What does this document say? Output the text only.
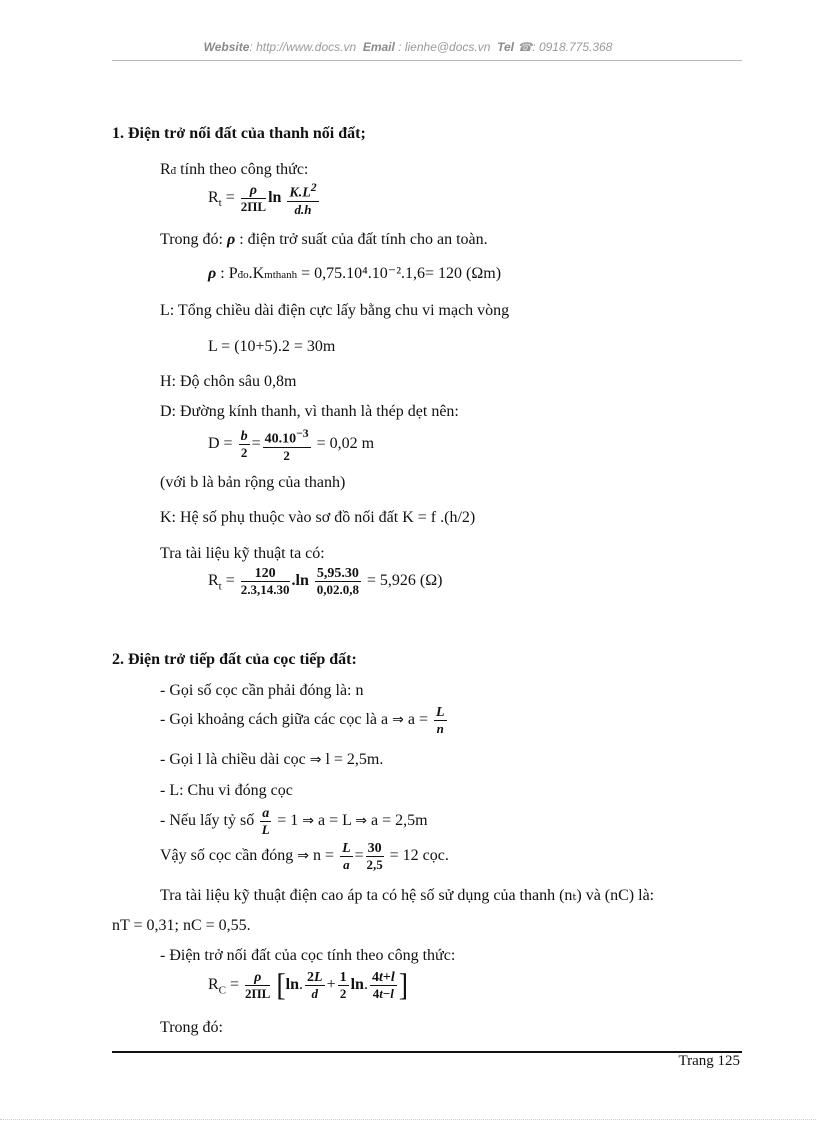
Website: http://www.docs.vn Email : lienhe@docs.vn Tel ☎: 0918.775.368
1. Điện trở nối đất của thanh nối đất;
Rđ tính theo công thức:
$R_t = \frac{\rho}{2\Pi L}$ $\ln \frac{K.L^2}{d.h}$
Trong đó: ρ : điện trở suất của đất tính cho an toàn.
ρ : Pđo.Kmthanh = 0,75.10⁴.10⁻².1,6= 120 (Ωm)
L: Tổng chiều dài điện cực lấy bằng chu vi mạch vòng
L = (10+5).2 = 30m
H: Độ chôn sâu 0,8m
D: Đường kính thanh, vì thanh là thép dẹt nên:
$D = \frac{b}{2} = \frac{40.10^{-3}}{2} = 0,02$ m
(với b là bản rộng của thanh)
K: Hệ số phụ thuộc vào sơ đồ nối đất K = f .(h/2)
Tra tài liệu kỹ thuật ta có:
$R_t = \frac{120}{2.3,14.30} .\ln \frac{5,95.30}{0,02.0,8} = 5,926$ (Ω)
2. Điện trở tiếp đất của cọc tiếp đất:
- Gọi số cọc cần phải đóng là: n
- Gọi khoảng cách giữa các cọc là a ⇒ $a = \frac{L}{n}$
- Gọi l là chiều dài cọc ⇒ l = 2,5m.
- L: Chu vi đóng cọc
- Nếu lấy tỷ số $\frac{a}{L} = 1$ ⇒ a = L ⇒ a = 2,5m
Vậy số cọc cần đóng ⇒ $n = \frac{L}{a} = \frac{30}{2,5} = 12$ cọc.
Tra tài liệu kỹ thuật điện cao áp ta có hệ số sử dụng của thanh (nₜ) và (nC) là:
nT = 0,31; nC = 0,55.
- Điện trở nối đất của cọc tính theo công thức:
$R_C = \frac{\rho}{2\Pi L} [\ln$. $\frac{2L}{d} + \frac{1}{2} \ln$. $\frac{4t+l}{4t-l}$ ]
Trong đó:
Trang 125
